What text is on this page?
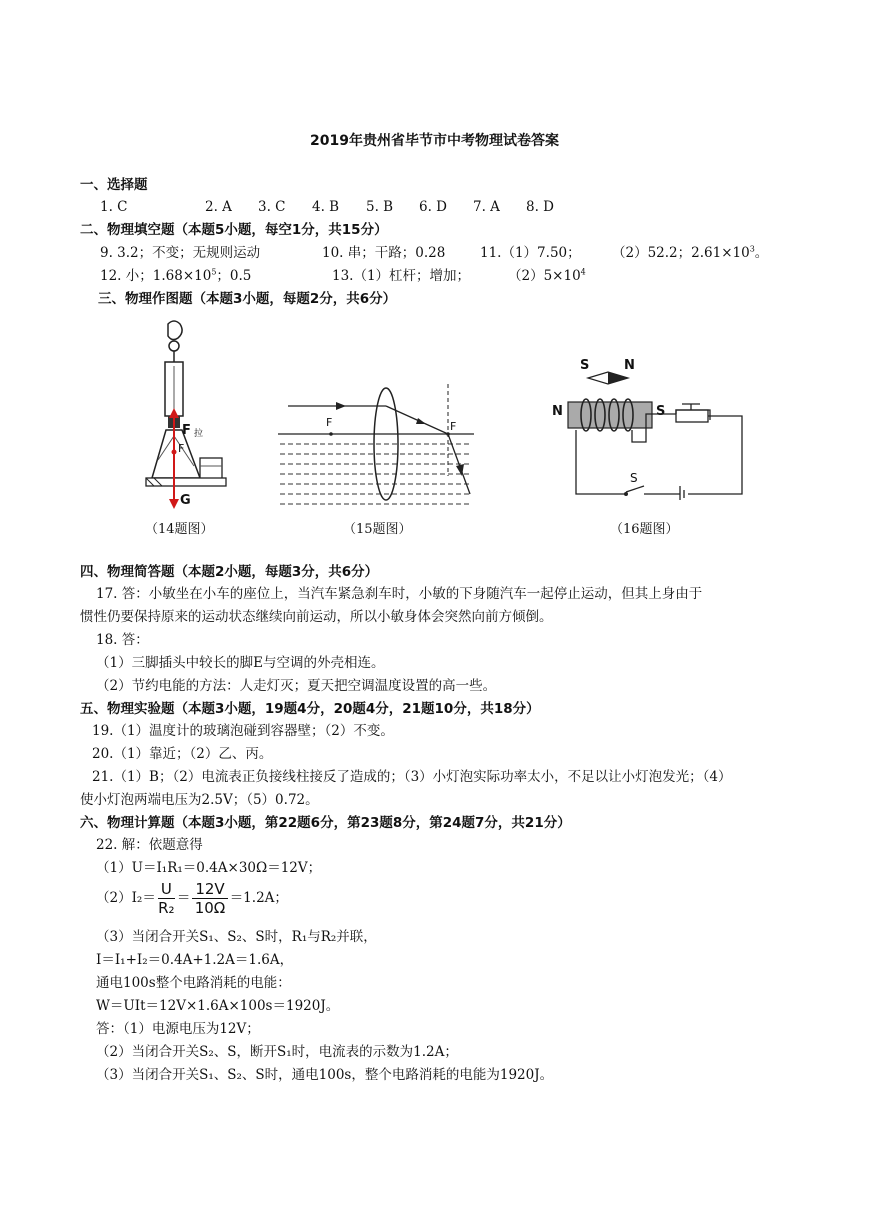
2019年贵州省毕节市中考物理试卷答案
一、选择题
1. C	2. A 3. C 4. B 5. B 6. D 7. A 8. D
二、物理填空题（本题5小题，每空1分，共15分）
9. 3.2；不变；无规则运动	10. 串；干路；0.28	11.（1）7.50； （2）52.2；$2.61\times 10^3$。
12. 小；$1.68\times 10^5$；0.5	13.（1）杠杆；增加；	$(2)5\times 10^4$
三、物理作图题（本题3小题，每题2分，共6分）
F 拉
F
G
（14题图）
F	F
（15题图）
S	N
N	S
S
（16题图）
四、物理简答题（本题2小题，每题3分，共6分）
17. 答：小敏坐在小车的座位上，当汽车紧急刹车时，小敏的下身随汽车一起停止运动，但其上身由于
惯性仍要保持原来的运动状态继续向前运动，所以小敏身体会突然向前方倾倒。
18. 答：
（1）三脚插头中较长的脚E与空调的外壳相连。
（2）节约电能的方法：人走灯灭；夏天把空调温度设置的高一些。
五、物理实验题（本题3小题，19题4分，20题4分，21题10分，共18分）
19.（1）温度计的玻璃泡碰到容器壁；（2）不变。
20.（1）靠近；（2）乙、丙。
21.（1）B；（2）电流表正负接线柱接反了造成的；（3）小灯泡实际功率太小，不足以让小灯泡发光；（4）
使小灯泡两端电压为2.5V；（5）0.72。
六、物理计算题（本题3小题，第22题6分，第23题8分，第24题7分，共21分）
22. 解：依题意得
（1）U＝I₁R₁＝0.4A×30Ω＝12V；
$(2)I_2= \frac{U}{\text{R₂}} = \frac{12V}{10\Omega} =1.2A$；
（3）当闭合开关S₁、S₂、S时，R₁与R₂并联，
I＝I₁+I₂＝0.4A+1.2A＝1.6A，
通电100s整个电路消耗的电能：
W＝UIt＝12V×1.6A×100s＝1920J。
答：（1）电源电压为12V；
（2）当闭合开关S₂、S，断开S₁时，电流表的示数为1.2A；
（3）当闭合开关S₁、S₂、S时，通电100s，整个电路消耗的电能为1920J。
